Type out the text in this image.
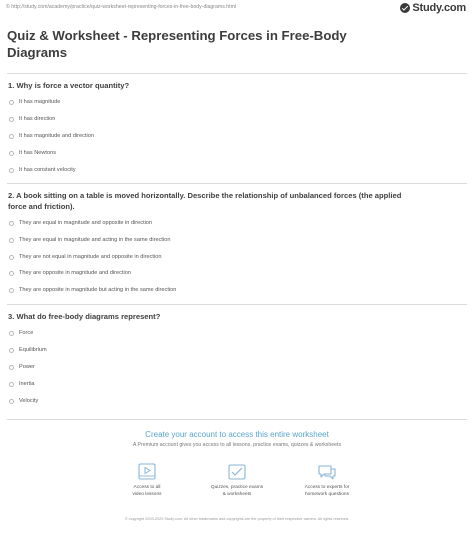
© http://study.com/academy/practice/quiz-worksheet-representing-forces-in-free-body-diagrams.html	Study.com
Quiz & Worksheet - Representing Forces in Free-Body
Diagrams
1. Why is force a vector quantity?
It has magnitude
It has direction
It has magnitude and direction
It has Newtons
It has constant velocity
2. A book sitting on a table is moved horizontally. Describe the relationship of unbalanced forces (the applied
force and friction).
They are equal in magnitude and opposite in direction
They are equal in magnitude and acting in the same direction
They are not equal in magnitude and opposite in direction
They are opposite in magnitude and direction
They are opposite in magnitude but acting in the same direction
3. What do free-body diagrams represent?
Force
Equilibrium
Power
Inertia
Velocity
Create your account to access this entire worksheet
A Premium account gives you access to all lessons, practice exams, quizzes & worksheets
Access to all
video lessons
Quizzes, practice exams
& worksheets
Access to experts for
homework questions
© copyright 2003-2020 Study.com. All other trademarks and copyrights are the property of their respective owners. All rights reserved.
